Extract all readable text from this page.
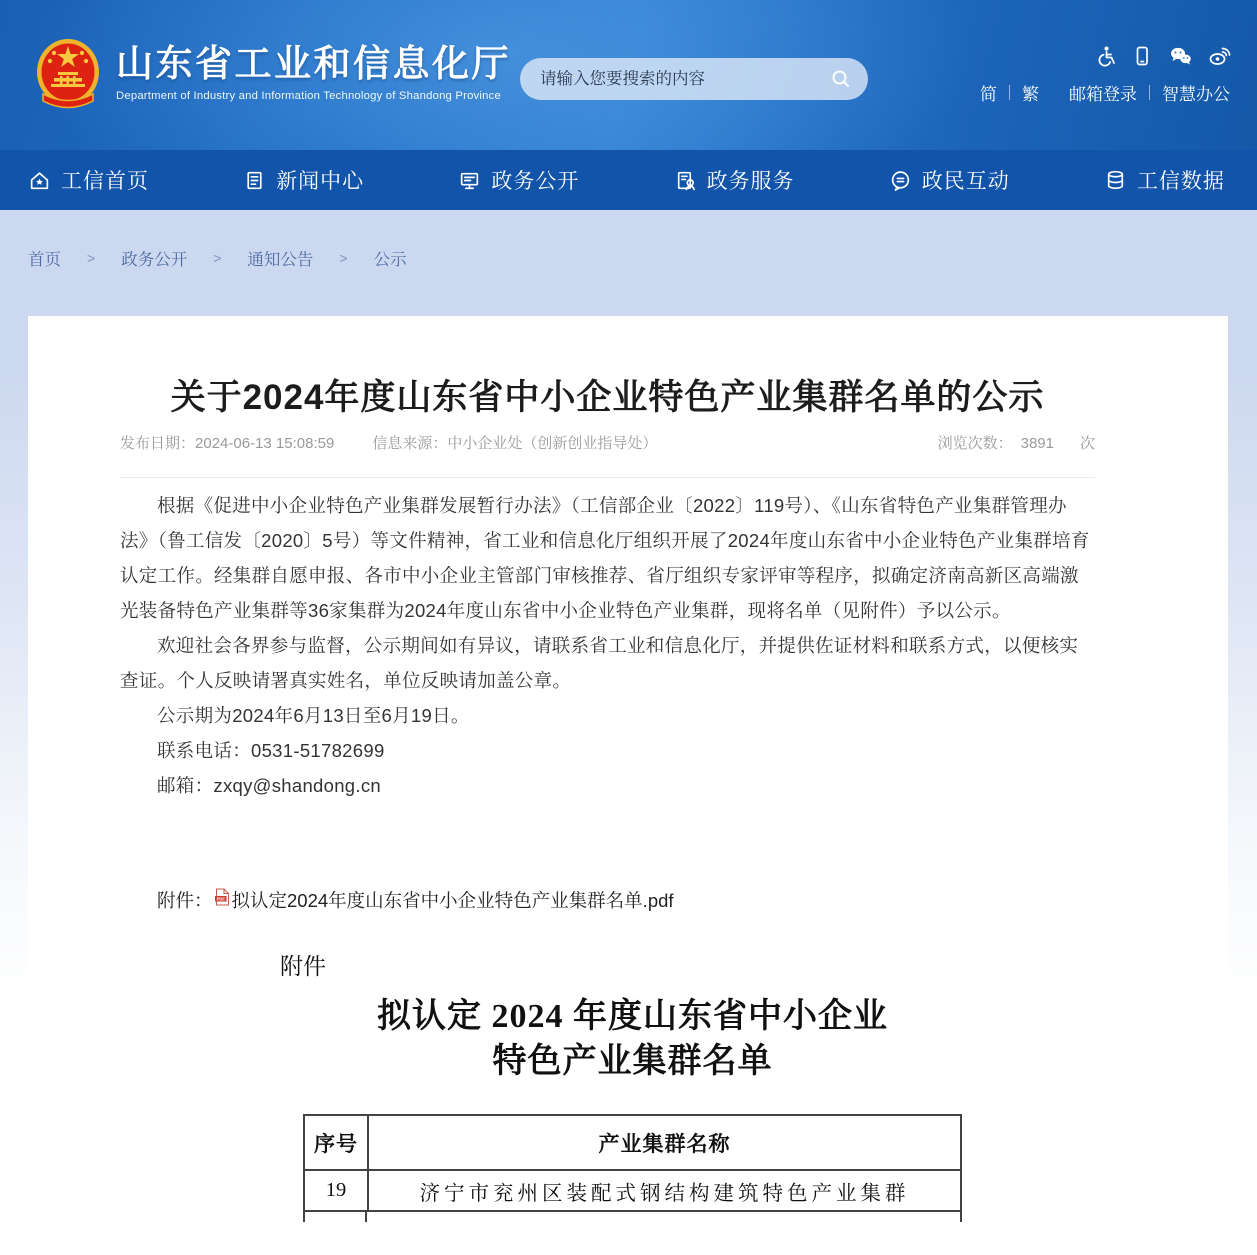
山东省工业和信息化厅
Department of Industry and Information Technology of Shandong Province
请输入您要搜索的内容	简 繁 邮箱登录 智慧办公
工信首页	新闻中心	政务公开	政务服务	政民互动	工信数据
首页 > 政务公开 > 通知公告 > 公示
关于2024年度山东省中小企业特色产业集群名单的公示
发布日期：2024-06-13 15:08:59	信息来源：中小企业处（创新创业指导处）	浏览次数： 3891 次

根据《促进中小企业特色产业集群发展暂行办法》（工信部企业〔2022〕119号）、《山东省特色产业集群管理办法》（鲁工信发〔2020〕5号）等文件精神，省工业和信息化厅组织开展了2024年度山东省中小企业特色产业集群培育认定工作。经集群自愿申报、各市中小企业主管部门审核推荐、省厅组织专家评审等程序，拟确定济南高新区高端激光装备特色产业集群等36家集群为2024年度山东省中小企业特色产业集群，现将名单（见附件）予以公示。

欢迎社会各界参与监督，公示期间如有异议，请联系省工业和信息化厅，并提供佐证材料和联系方式，以便核实查证。个人反映请署真实姓名，单位反映请加盖公章。

公示期为2024年6月13日至6月19日。

联系电话：0531-51782699

邮箱：zxqy@shandong.cn

附件： PDF 拟认定2024年度山东省中小企业特色产业集群名单.pdf
附件
拟认定 2024 年度山东省中小企业
特色产业集群名单
序号	产业集群名称
19	济宁市兖州区装配式钢结构建筑特色产业集群
